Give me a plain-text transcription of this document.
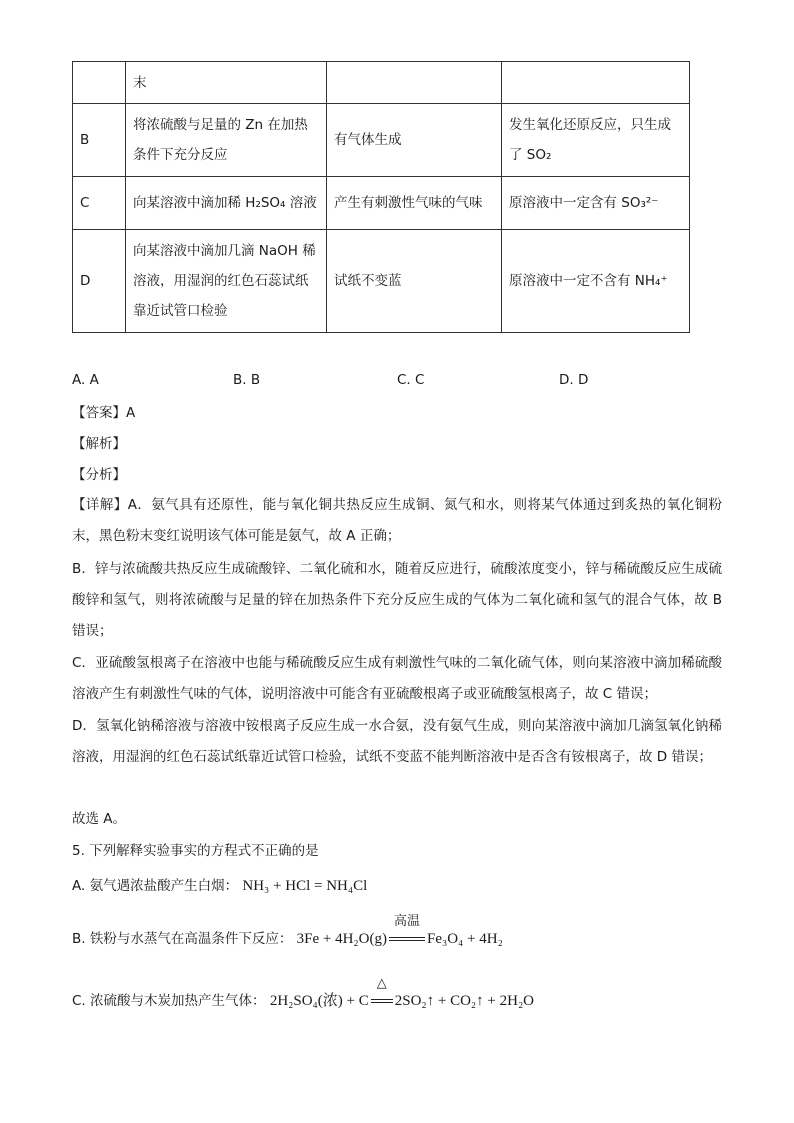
	末		
B	将浓硫酸与足量的 Zn 在加热条件下充分反应	有气体生成	发生氧化还原反应，只生成了 SO₂
C	向某溶液中滴加稀 H₂SO₄ 溶液	产生有刺激性气味的气味	原溶液中一定含有 SO₃²⁻
D	向某溶液中滴加几滴 NaOH 稀溶液，用湿润的红色石蕊试纸靠近试管口检验	试纸不变蓝	原溶液中一定不含有 NH₄⁺
A. A	B. B	C. C	D. D
【答案】A
【解析】
【分析】
【详解】A．氨气具有还原性，能与氧化铜共热反应生成铜、氮气和水，则将某气体通过到炙热的氧化铜粉末，黑色粉末变红说明该气体可能是氨气，故 A 正确；
B．锌与浓硫酸共热反应生成硫酸锌、二氧化硫和水，随着反应进行，硫酸浓度变小，锌与稀硫酸反应生成硫酸锌和氢气，则将浓硫酸与足量的锌在加热条件下充分反应生成的气体为二氧化硫和氢气的混合气体，故 B 错误；
C．亚硫酸氢根离子在溶液中也能与稀硫酸反应生成有刺激性气味的二氧化硫气体，则向某溶液中滴加稀硫酸溶液产生有刺激性气味的气体，说明溶液中可能含有亚硫酸根离子或亚硫酸氢根离子，故 C 错误；
D．氢氧化钠稀溶液与溶液中铵根离子反应生成一水合氨，没有氨气生成，则向某溶液中滴加几滴氢氧化钠稀溶液，用湿润的红色石蕊试纸靠近试管口检验，试纸不变蓝不能判断溶液中是否含有铵根离子，故 D 错误；
故选 A。
5. 下列解释实验事实的方程式不正确的是
A. 氨气遇浓盐酸产生白烟： NH₃ + HCl = NH₄Cl
B. 铁粉与水蒸气在高温条件下反应： 3Fe + 4H₂O(g)
高温
Fe₃O₄ + 4H₂
C. 浓硫酸与木炭加热产生气体： 2H₂SO₄(浓) + C
△
2SO₂↑ + CO₂↑ + 2H₂O
